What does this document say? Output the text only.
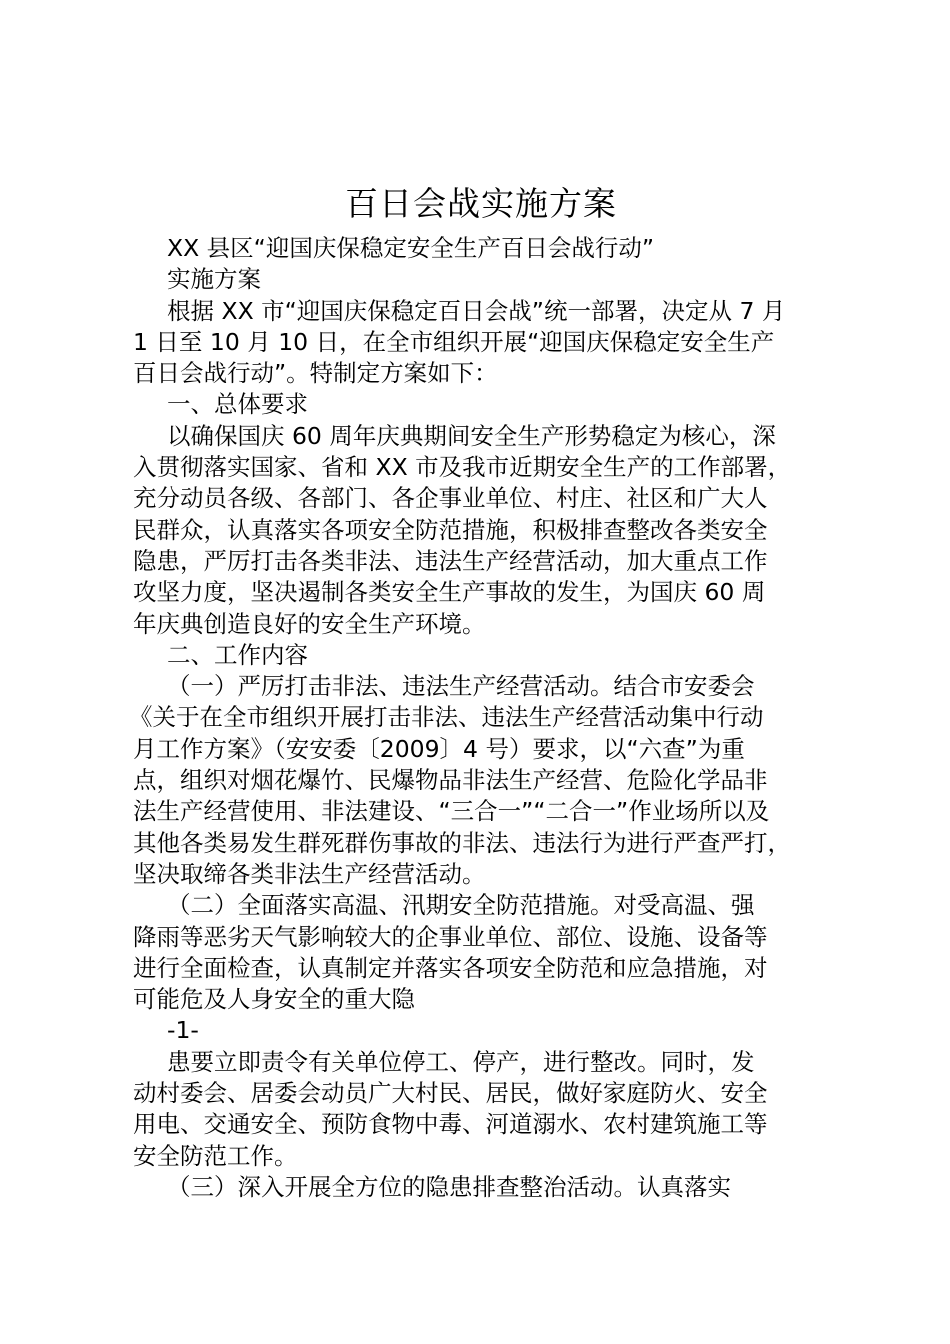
百日会战实施方案
XX 县区“迎国庆保稳定安全生产百日会战行动”
实施方案
根据 XX 市“迎国庆保稳定百日会战”统一部署，决定从 7 月
1 日至 10 月 10 日，在全市组织开展“迎国庆保稳定安全生产
百日会战行动”。特制定方案如下：
一、总体要求
以确保国庆 60 周年庆典期间安全生产形势稳定为核心，深
入贯彻落实国家、省和 XX 市及我市近期安全生产的工作部署，
充分动员各级、各部门、各企事业单位、村庄、社区和广大人
民群众，认真落实各项安全防范措施，积极排查整改各类安全
隐患，严厉打击各类非法、违法生产经营活动，加大重点工作
攻坚力度，坚决遏制各类安全生产事故的发生，为国庆 60 周
年庆典创造良好的安全生产环境。
二、工作内容
（一）严厉打击非法、违法生产经营活动。结合市安委会
《关于在全市组织开展打击非法、违法生产经营活动集中行动
月工作方案》（安安委〔2009〕4 号）要求，以“六查”为重
点，组织对烟花爆竹、民爆物品非法生产经营、危险化学品非
法生产经营使用、非法建设、“三合一”“二合一”作业场所以及
其他各类易发生群死群伤事故的非法、违法行为进行严查严打，
坚决取缔各类非法生产经营活动。
（二）全面落实高温、汛期安全防范措施。对受高温、强
降雨等恶劣天气影响较大的企事业单位、部位、设施、设备等
进行全面检查，认真制定并落实各项安全防范和应急措施，对
可能危及人身安全的重大隐
-1-
患要立即责令有关单位停工、停产，进行整改。同时，发
动村委会、居委会动员广大村民、居民，做好家庭防火、安全
用电、交通安全、预防食物中毒、河道溺水、农村建筑施工等
安全防范工作。
（三）深入开展全方位的隐患排查整治活动。认真落实
